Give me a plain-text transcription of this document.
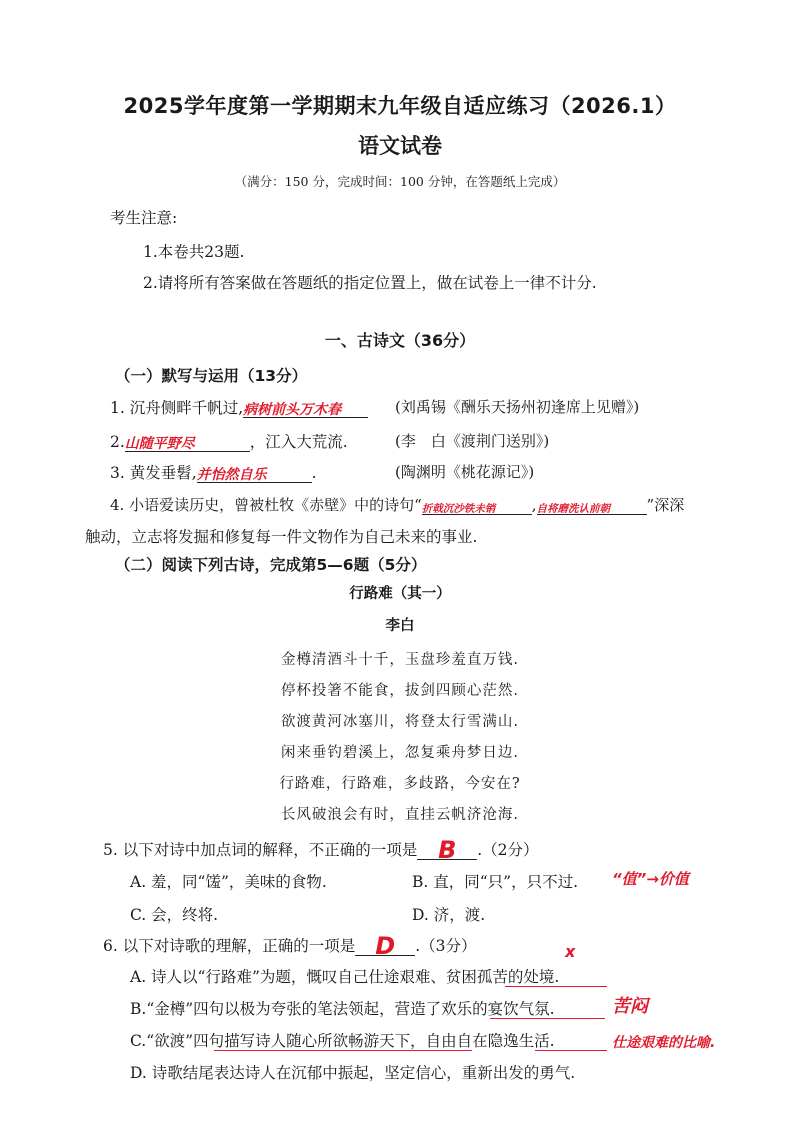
2025学年度第一学期期末九年级自适应练习（2026.1）
语文试卷
（满分：150 分，完成时间：100 分钟，在答题纸上完成）
考生注意:
1.本卷共23题.
2.请将所有答案做在答题纸的指定位置上，做在试卷上一律不计分.
一、古诗文（36分）
（一）默写与运用（13分）
1. 沉舟侧畔千帆过,病树前头万木春	(刘禹锡《酬乐天扬州初逢席上见赠》)
2.山随平野尽	，江入大荒流.	(李　白《渡荆门送别》)
3. 黄发垂髫,并怡然自乐	.	(陶渊明《桃花源记》)
4. 小语爱读历史，曾被杜牧《赤壁》中的诗句“折戟沉沙铁未销 ,自将磨洗认前朝 ”深深
触动，立志将发掘和修复每一件文物作为自己未来的事业.
（二）阅读下列古诗，完成第5—6题（5分）
行路难（其一）
李白
金樽清酒斗十千，玉盘珍羞直万钱.
停杯投箸不能食，拔剑四顾心茫然.
欲渡黄河冰塞川，将登太行雪满山.
闲来垂钓碧溪上，忽复乘舟梦日边.
行路难，行路难，多歧路，今安在?
长风破浪会有时，直挂云帆济沧海.
5. 以下对诗中加点词的解释，不正确的一项是 B .（2分）
A. 羞，同“馐”，美味的食物.	B. 直，同“只”，只不过. “值”→价值
C. 会，终将.	D. 济，渡.
6. 以下对诗歌的理解，正确的一项是 D .（3分）	x
A. 诗人以“行路难”为题，慨叹自己仕途艰难、贫困孤苦的处境.
B.“金樽”四句以极为夸张的笔法领起，营造了欢乐的宴饮气氛.	苦闷
C.“欲渡”四句描写诗人随心所欲畅游天下，自由自在隐逸生活.	仕途艰难的比喻.
D. 诗歌结尾表达诗人在沉郁中振起，坚定信心，重新出发的勇气.
